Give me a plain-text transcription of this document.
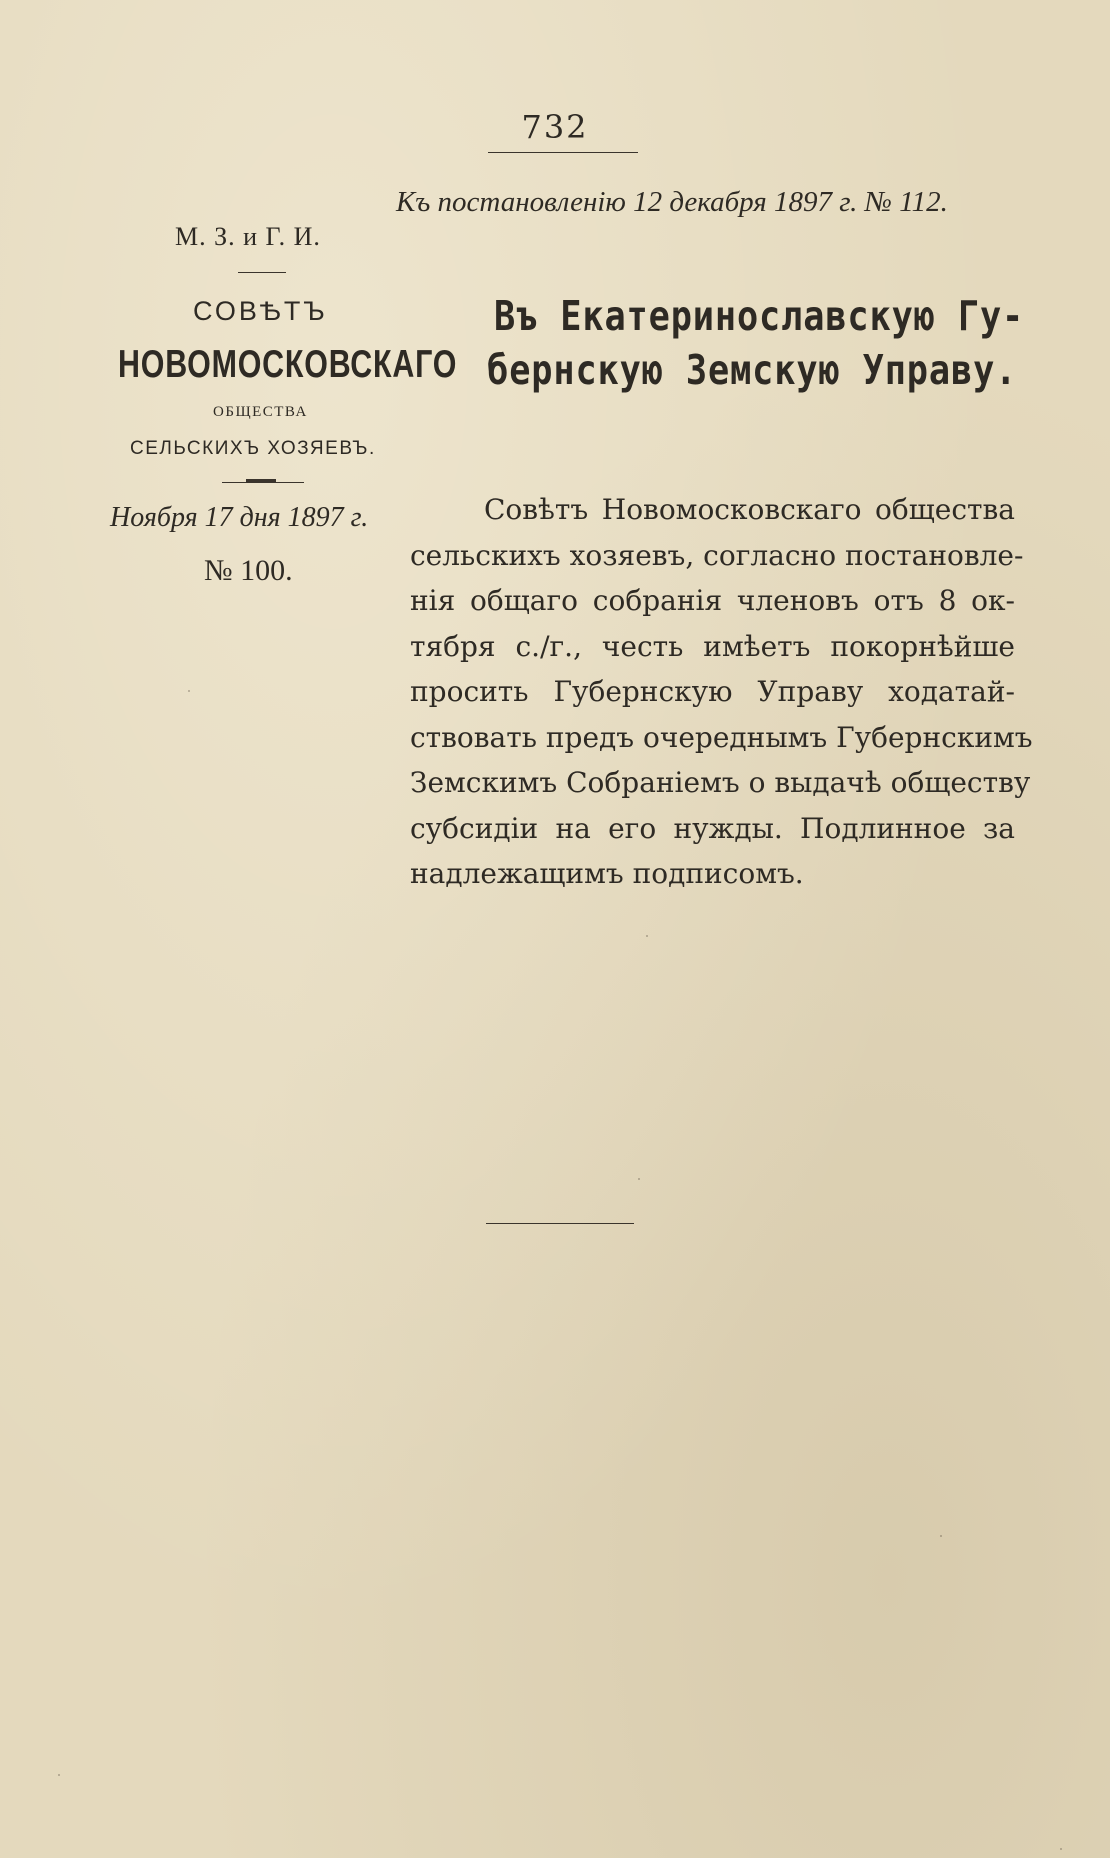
732
Къ постановленію 12 декабря 1897 г. № 112.
М. З. и Г. И.
СОВѢТЪ
НОВОМОСКОВСКАГО
ОБЩЕСТВА
СЕЛЬСКИХЪ ХОЗЯЕВЪ.
Ноября 17 дня 1897 г.
№ 100.
Въ Екатеринославскую Гу-
бернскую Земскую Управу.
Совѣтъ Новомосковскаго общества
сельскихъ хозяевъ, согласно постановле-
нія общаго собранія членовъ отъ 8 ок-
тября с./г., честь имѣетъ покорнѣйше
просить Губернскую Управу ходатай-
ствовать предъ очереднымъ Губернскимъ
Земскимъ Собраніемъ о выдачѣ обществу
субсидіи на его нужды. Подлинное за
надлежащимъ подписомъ.
